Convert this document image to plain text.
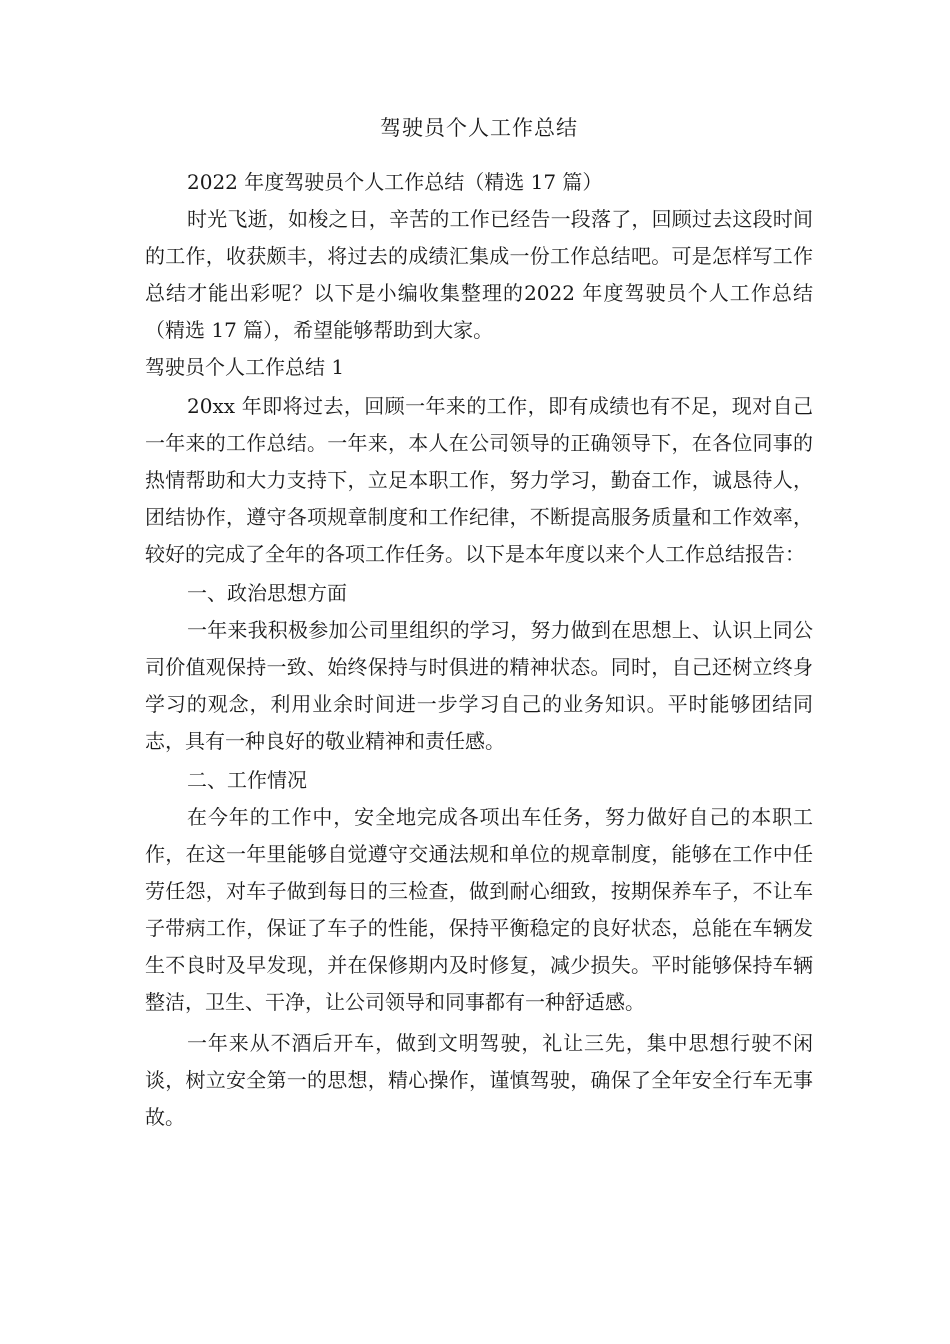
驾驶员个人工作总结

2022 年度驾驶员个人工作总结（精选 17 篇）

时光飞逝，如梭之日，辛苦的工作已经告一段落了，回顾过去这段时间的工作，收获颇丰，将过去的成绩汇集成一份工作总结吧。可是怎样写工作总结才能出彩呢？以下是小编收集整理的2022 年度驾驶员个人工作总结（精选 17 篇），希望能够帮助到大家。

驾驶员个人工作总结 1

20xx 年即将过去，回顾一年来的工作，即有成绩也有不足，现对自己一年来的工作总结。一年来，本人在公司领导的正确领导下，在各位同事的热情帮助和大力支持下，立足本职工作，努力学习，勤奋工作，诚恳待人，团结协作，遵守各项规章制度和工作纪律，不断提高服务质量和工作效率，较好的完成了全年的各项工作任务。以下是本年度以来个人工作总结报告：

一、政治思想方面

一年来我积极参加公司里组织的学习，努力做到在思想上、认识上同公司价值观保持一致、始终保持与时俱进的精神状态。同时，自己还树立终身学习的观念，利用业余时间进一步学习自己的业务知识。平时能够团结同志，具有一种良好的敬业精神和责任感。

二、工作情况

在今年的工作中，安全地完成各项出车任务，努力做好自己的本职工作，在这一年里能够自觉遵守交通法规和单位的规章制度，能够在工作中任劳任怨，对车子做到每日的三检查，做到耐心细致，按期保养车子，不让车子带病工作，保证了车子的性能，保持平衡稳定的良好状态，总能在车辆发生不良时及早发现，并在保修期内及时修复，减少损失。平时能够保持车辆整洁，卫生、干净，让公司领导和同事都有一种舒适感。

一年来从不酒后开车，做到文明驾驶，礼让三先，集中思想行驶不闲谈，树立安全第一的思想，精心操作，谨慎驾驶，确保了全年安全行车无事故。
